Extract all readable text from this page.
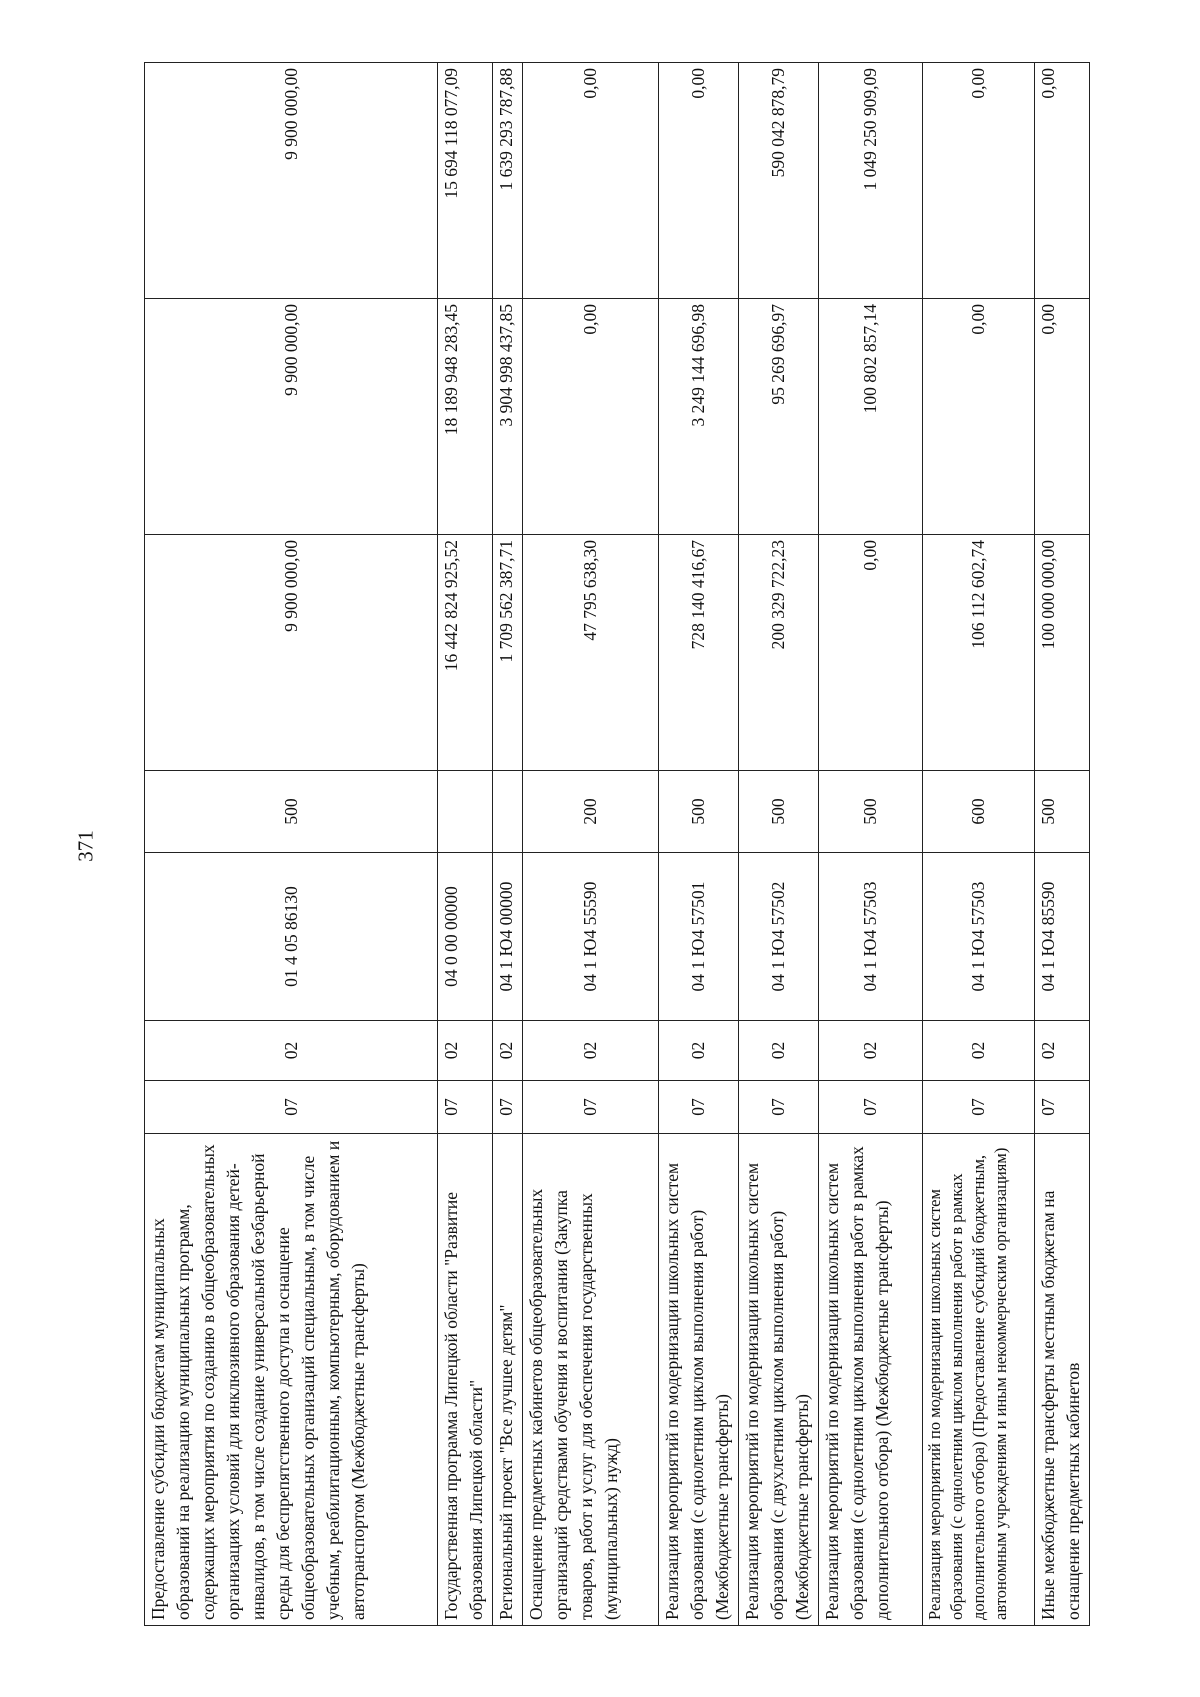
371
Предоставление субсидии бюджетам муниципальных образований на реализацию муниципальных программ, содержащих мероприятия по созданию в общеобразовательных организациях условий для инклюзивного образования детей-инвалидов, в том числе создание универсальной безбарьерной среды для беспрепятственного доступа и оснащение общеобразовательных организаций специальным, в том числе учебным, реабилитационным, компьютерным, оборудованием и автотранспортом (Межбюджетные трансферты)	07	02	01 4 05 86130	500	9 900 000,00	9 900 000,00	9 900 000,00
Государственная программа Липецкой области "Развитие образования Липецкой области"	07	02	04 0 00 00000		16 442 824 925,52	18 189 948 283,45	15 694 118 077,09
Региональный проект "Все лучшее детям"	07	02	04 1 Ю4 00000		1 709 562 387,71	3 904 998 437,85	1 639 293 787,88
Оснащение предметных кабинетов общеобразовательных организаций средствами обучения и воспитания (Закупка товаров, работ и услуг для обеспечения государственных (муниципальных) нужд)	07	02	04 1 Ю4 55590	200	47 795 638,30	0,00	0,00
Реализация мероприятий по модернизации школьных систем образования (с однолетним циклом выполнения работ) (Межбюджетные трансферты)	07	02	04 1 Ю4 57501	500	728 140 416,67	3 249 144 696,98	0,00
Реализация мероприятий по модернизации школьных систем образования (с двухлетним циклом выполнения работ) (Межбюджетные трансферты)	07	02	04 1 Ю4 57502	500	200 329 722,23	95 269 696,97	590 042 878,79
Реализация мероприятий по модернизации школьных систем образования (с однолетним циклом выполнения работ в рамках дополнительного отбора) (Межбюджетные трансферты)	07	02	04 1 Ю4 57503	500	0,00	100 802 857,14	1 049 250 909,09
Реализация мероприятий по модернизации школьных систем образования (с однолетним циклом выполнения работ в рамках дополнительного отбора) (Предоставление субсидий бюджетным, автономным учреждениям и иным некоммерческим организациям)	07	02	04 1 Ю4 57503	600	106 112 602,74	0,00	0,00
Иные межбюджетные трансферты местным бюджетам на оснащение предметных кабинетов	07	02	04 1 Ю4 85590	500	100 000 000,00	0,00	0,00
